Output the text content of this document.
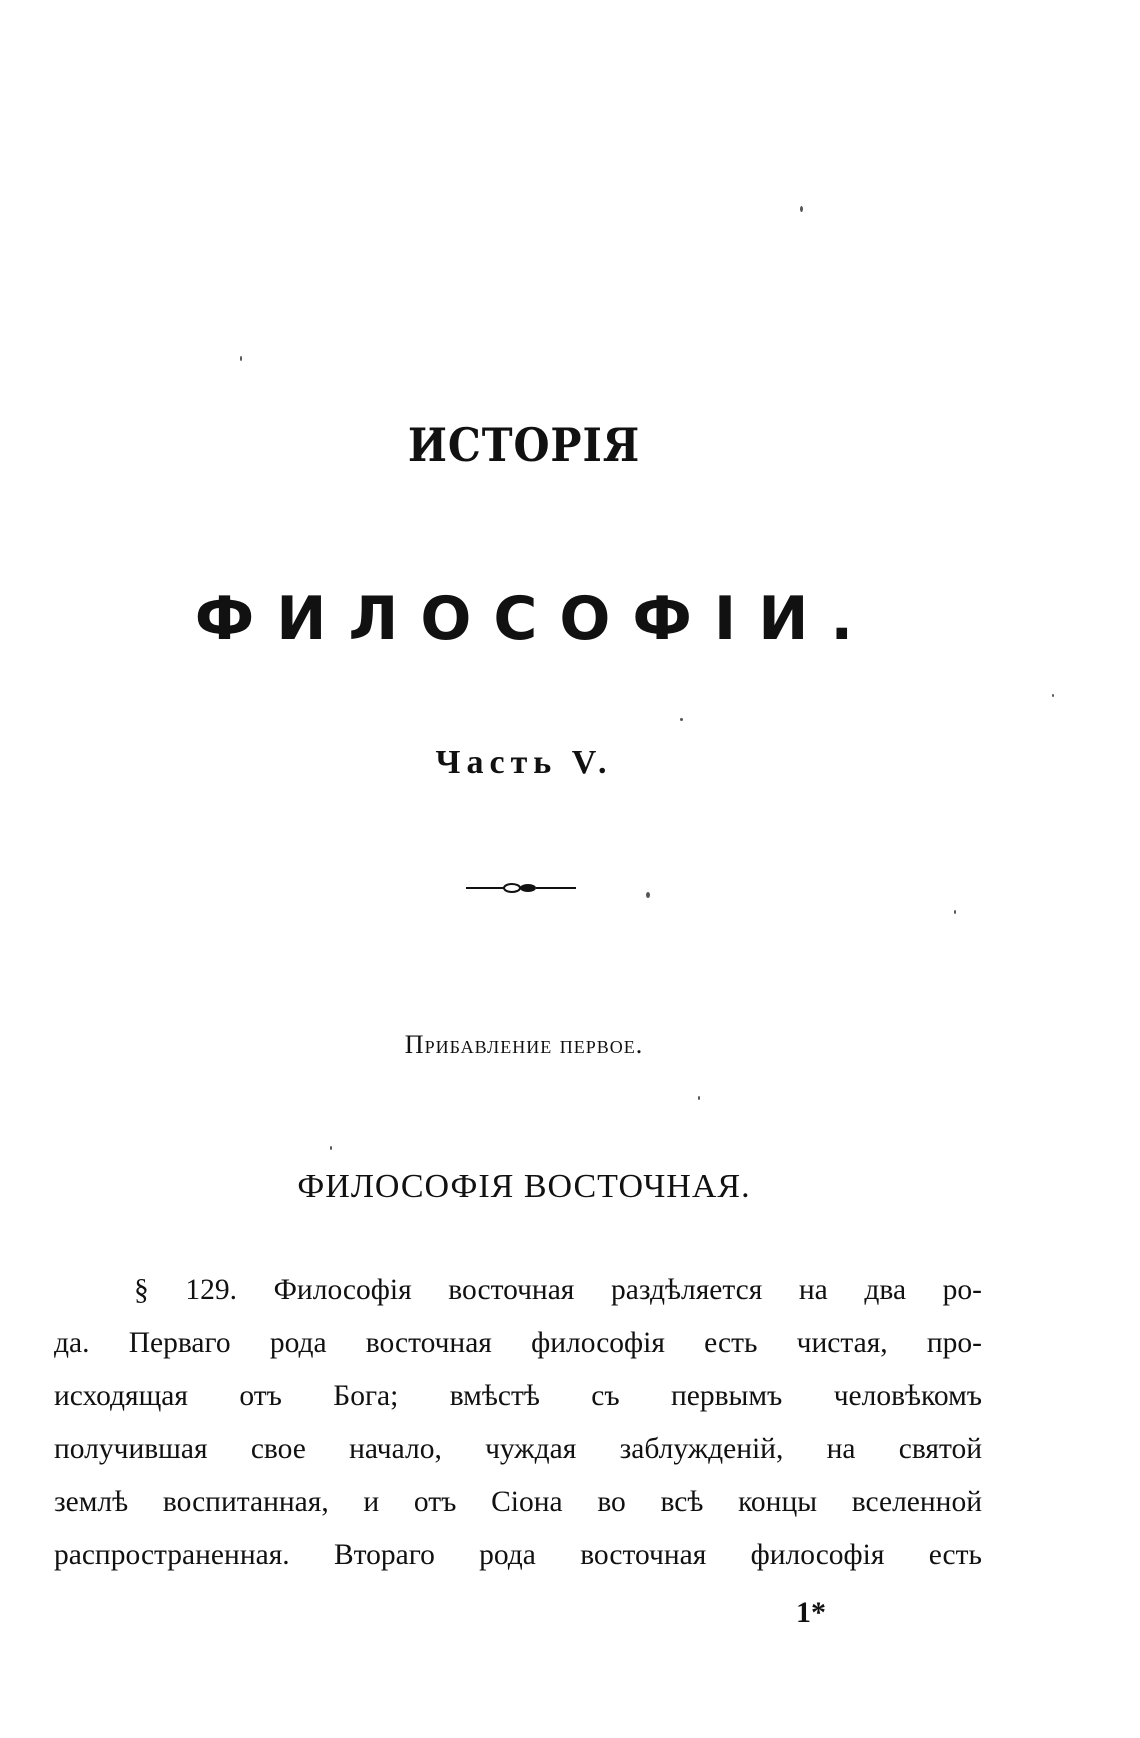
ИСТОРІЯ
ФИЛОСОФІИ.
Часть V.
Прибавление первое.
ФИЛОСОФІЯ ВОСТОЧНАЯ.
§ 129. Философія восточная раздѣляется на два ро-
да. Перваго рода восточная философія есть чистая, про-
исходящая отъ Бога; вмѣстѣ съ первымъ человѣкомъ
получившая свое начало, чуждая заблужденій, на святой
землѣ воспитанная, и отъ Сіона во всѣ концы вселенной
распространенная. Втораго рода восточная философія есть
1*
